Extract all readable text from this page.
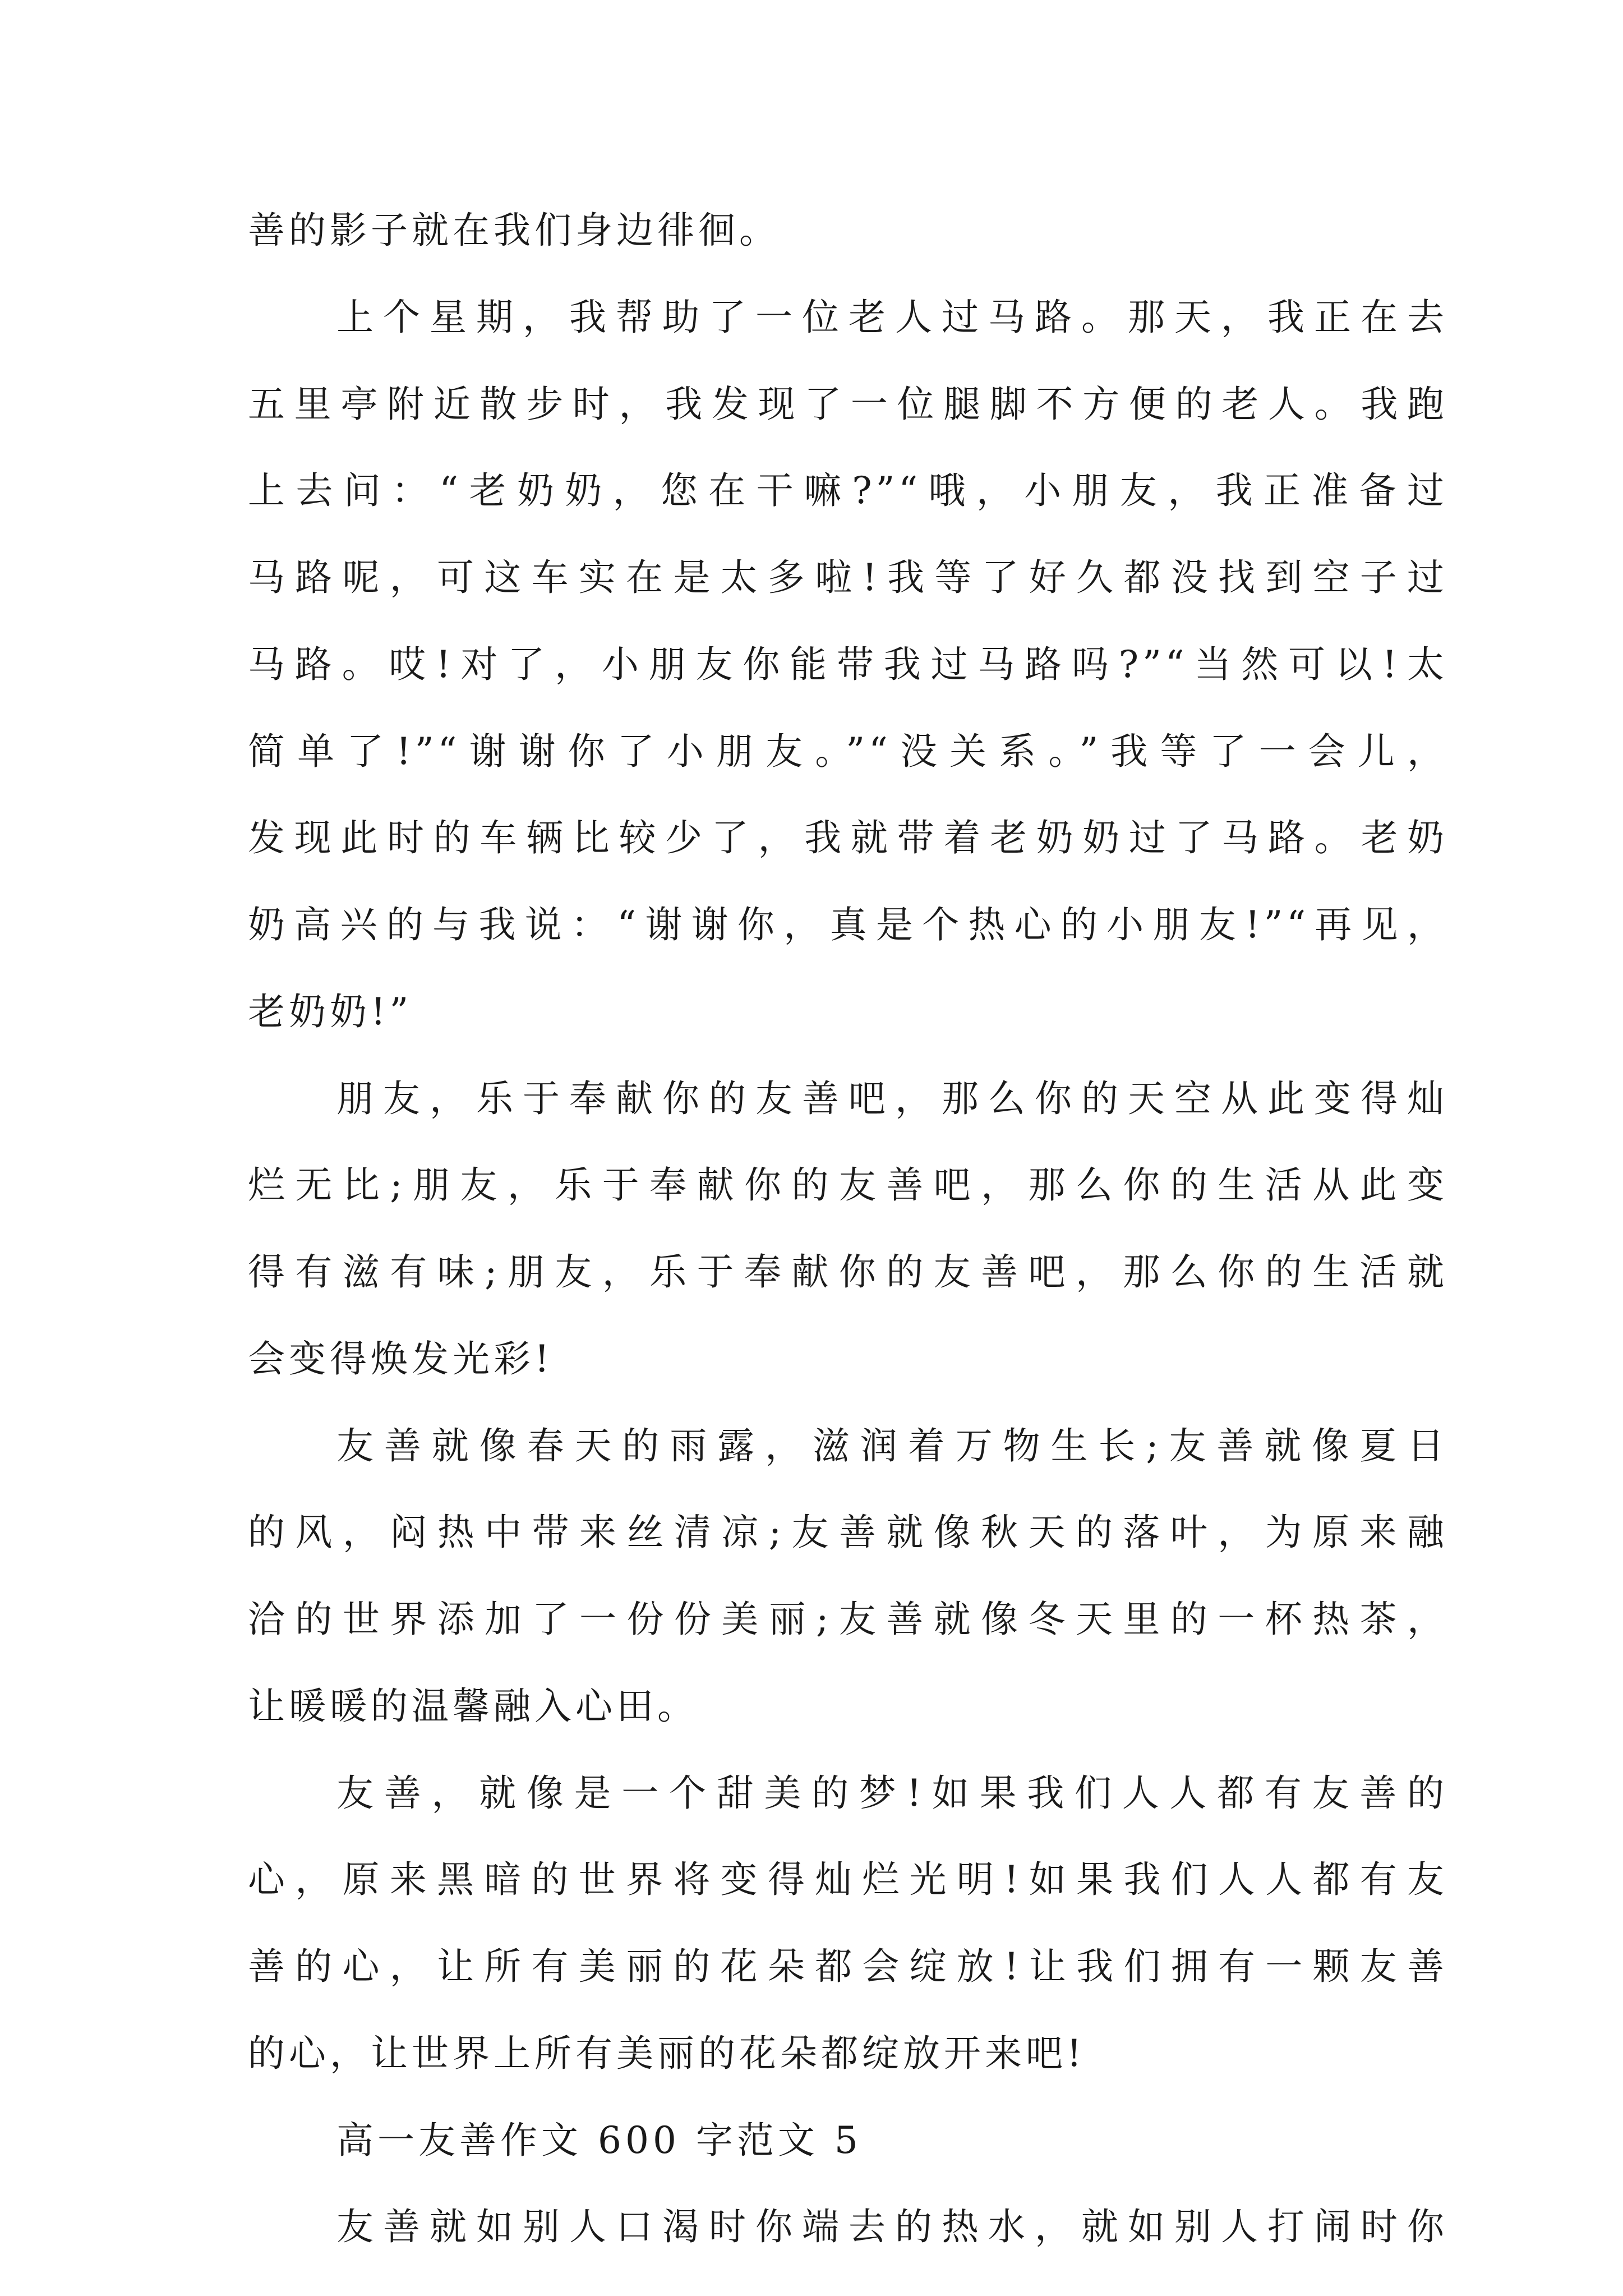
善的影子就在我们身边徘徊。
上个星期，我帮助了一位老人过马路。那天，我正在去
五里亭附近散步时，我发现了一位腿脚不方便的老人。我跑
上去问：“老奶奶，您在干嘛?”“哦，小朋友，我正准备过
马路呢，可这车实在是太多啦!我等了好久都没找到空子过
马路。哎!对了，小朋友你能带我过马路吗?”“当然可以!太
简单了!”“谢谢你了小朋友。”“没关系。”我等了一会儿，
发现此时的车辆比较少了，我就带着老奶奶过了马路。老奶
奶高兴的与我说：“谢谢你，真是个热心的小朋友!”“再见，
老奶奶!”
朋友，乐于奉献你的友善吧，那么你的天空从此变得灿
烂无比;朋友，乐于奉献你的友善吧，那么你的生活从此变
得有滋有味;朋友，乐于奉献你的友善吧，那么你的生活就
会变得焕发光彩!
友善就像春天的雨露，滋润着万物生长;友善就像夏日
的风，闷热中带来丝清凉;友善就像秋天的落叶，为原来融
洽的世界添加了一份份美丽;友善就像冬天里的一杯热茶，
让暖暖的温馨融入心田。
友善，就像是一个甜美的梦!如果我们人人都有友善的
心，原来黑暗的世界将变得灿烂光明!如果我们人人都有友
善的心，让所有美丽的花朵都会绽放!让我们拥有一颗友善
的心，让世界上所有美丽的花朵都绽放开来吧!
高一友善作文 600 字范文 5
友善就如别人口渴时你端去的热水，就如别人打闹时你
